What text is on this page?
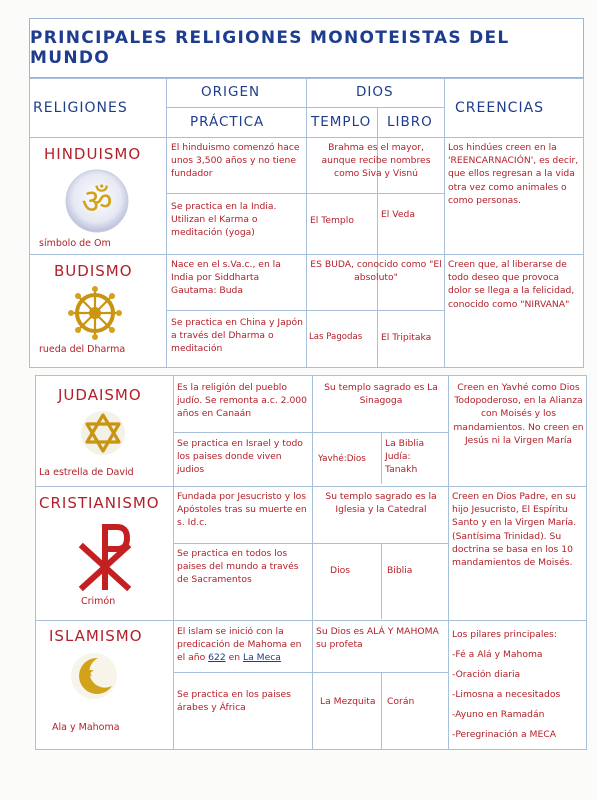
PRINCIPALES RELIGIONES MONOTEISTAS DEL MUNDO
RELIGIONES
ORIGEN
PRÁCTICA
DIOS
TEMPLO LIBRO
CREENCIAS
HINDUISMO
ॐ
símbolo de Om
El hinduismo comenzó hace unos 3,500 años y no tiene fundador
Brahma es el mayor, aunque recibe nombres como Siva y Visnú
Se practica en la India. Utilizan el Karma o meditación (yoga)
El Templo
El Veda
Los hindúes creen en la 'REENCARNACIÓN', es decir, que ellos regresan a la vida otra vez como animales o como personas.
BUDISMO
rueda del Dharma
Nace en el s.Va.c., en la India por Siddharta Gautama: Buda
ES BUDA, conocido como "El absoluto"
Se practica en China y Japón a través del Dharma o meditación
Las Pagodas El Tripitaka
Creen que, al liberarse de todo deseo que provoca dolor se llega a la felicidad, conocido como "NIRVANA"
JUDAISMO
La estrella de David
Es la religión del pueblo judío. Se remonta a.c. 2.000 años en Canaán
Su templo sagrado es La Sinagoga
Se practica en Israel y todo los paises donde viven judios
Yavhé:Dios
La Biblia Judía: Tanakh
Creen en Yavhé como Dios Todopoderoso, en la Alianza con Moisés y los mandamientos. No creen en Jesús ni la Virgen María
CRISTIANISMO
Crimón
Fundada por Jesucristo y los Apóstoles tras su muerte en s. Id.c.
Su templo sagrado es la Iglesia y la Catedral
Se practica en todos los paises del mundo a través de Sacramentos
Dios	Biblia
Creen en Dios Padre, en su hijo Jesucristo, El Espíritu Santo y en la Virgen María. (Santísima Trinidad). Su doctrina se basa en los 10 mandamientos de Moisés.
ISLAMISMO
Ala y Mahoma
El islam se inició con la predicación de Mahoma en el año 622 en La Meca
Su Dios es ALÁ Y MAHOMA su profeta
Se practica en los paises árabes y África
La Mezquita Corán
Los pilares principales:
-Fé a Alá y Mahoma
-Oración diaria
-Limosna a necesitados
-Ayuno en Ramadán
-Peregrinación a MECA
